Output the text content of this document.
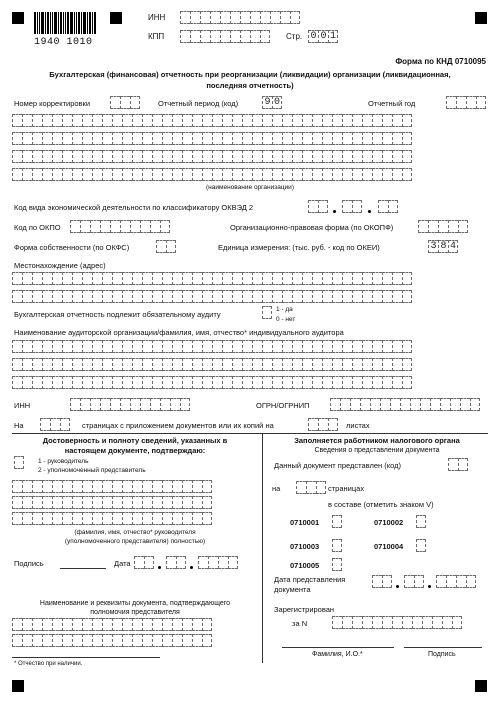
1940 1010
ИНН
КПП	Стр. 0 0 1
Форма по КНД 0710095
Бухгалтерская (финансовая) отчетность при реорганизации (ликвидации) организации (ликвидационная,
последняя отчетность)
Номер корректировки	Отчетный период (код)	9 0	Отчетный год
(наименование организации)
Код вида экономической деятельности по классификатору ОКВЭД 2
Код по ОКПО	Организационно-правовая форма (по ОКОПФ)
Форма собственности (по ОКФС)	Единица измерения: (тыс. руб. - код по ОКЕИ)	3 8 4
Местонахождение (адрес)
Бухгалтерская отчетность подлежит обязательному аудиту
1 - да
0 - нет
Наименование аудиторской организации/фамилия, имя, отчество* индивидуального аудитора
ИНН	ОГРН/ОГРНИП
На	страницах с приложением документов или их копий на	листах
Достоверность и полноту сведений, указанных в
настоящем документе, подтверждаю:
1 - руководитель
2 - уполномоченный представитель
(фамилия, имя, отчество* руководителя
(уполномоченного представителя) полностью)
Подпись	Дата
Наименование и реквизиты документа, подтверждающего
полномочия представителя
Заполняется работником налогового органа
Сведения о представлении документа
Данный документ представлен (код)
на	страницах
в составе (отметить знаком V)
0710001	0710002
0710003	0710004
0710005
Дата представления
документа
Зарегистрирован
за N
Фамилия, И.О.*	Подпись
* Отчество при наличии.
